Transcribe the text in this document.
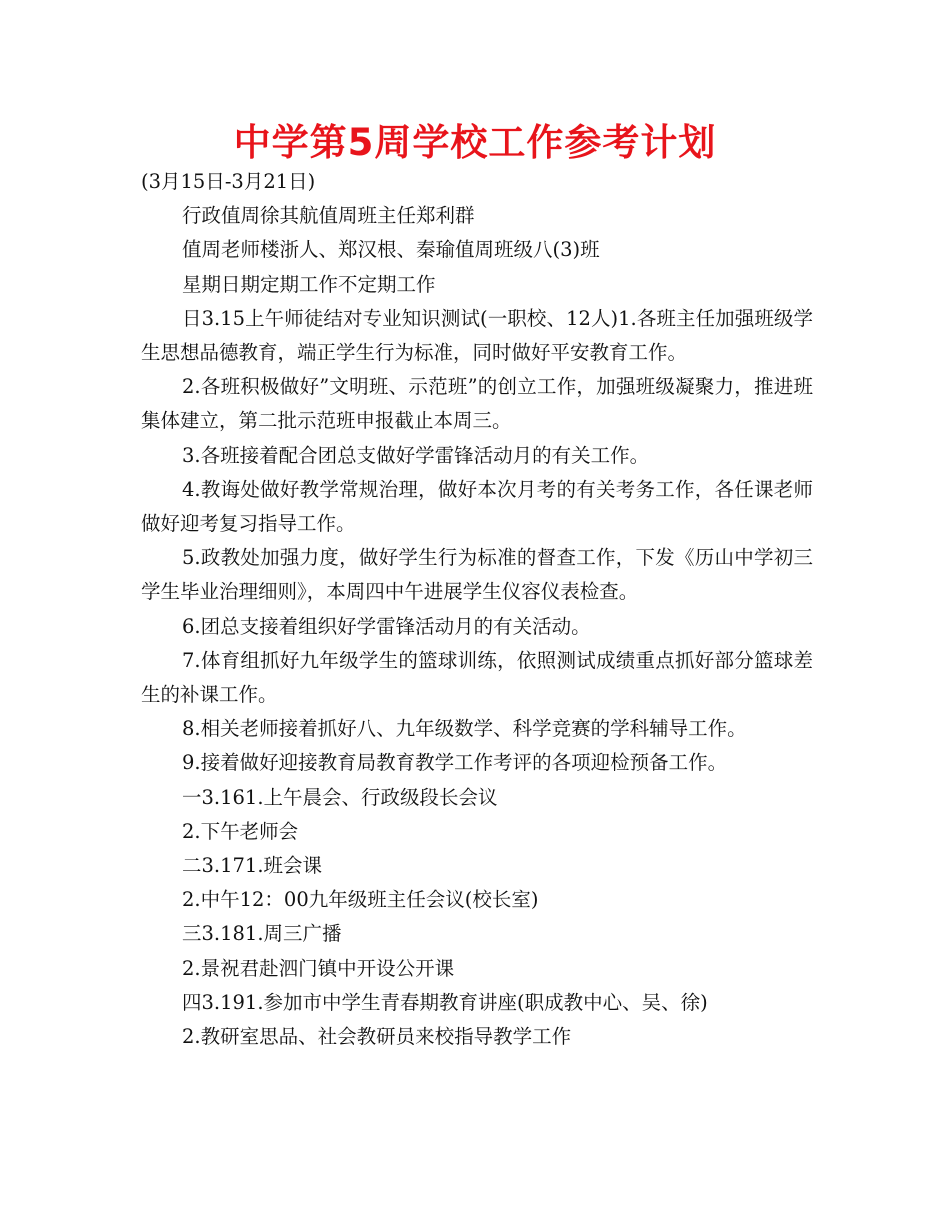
中学第5周学校工作参考计划

(3月15日-3月21日)

行政值周徐其航值周班主任郑利群

值周老师楼浙人、郑汉根、秦瑜值周班级八(3)班

星期日期定期工作不定期工作

日3.15上午师徒结对专业知识测试(一职校、12人)1.各班主任加强班级学生思想品德教育，端正学生行为标准，同时做好平安教育工作。

2.各班积极做好”文明班、示范班”的创立工作，加强班级凝聚力，推进班集体建立，第二批示范班申报截止本周三。

3.各班接着配合团总支做好学雷锋活动月的有关工作。

4.教诲处做好教学常规治理，做好本次月考的有关考务工作，各任课老师做好迎考复习指导工作。

5.政教处加强力度，做好学生行为标准的督查工作，下发《历山中学初三学生毕业治理细则》，本周四中午进展学生仪容仪表检查。

6.团总支接着组织好学雷锋活动月的有关活动。

7.体育组抓好九年级学生的篮球训练，依照测试成绩重点抓好部分篮球差生的补课工作。

8.相关老师接着抓好八、九年级数学、科学竞赛的学科辅导工作。

9.接着做好迎接教育局教育教学工作考评的各项迎检预备工作。

一3.161.上午晨会、行政级段长会议

2.下午老师会

二3.171.班会课

2.中午12：00九年级班主任会议(校长室)

三3.181.周三广播

2.景祝君赴泗门镇中开设公开课

四3.191.参加市中学生青春期教育讲座(职成教中心、吴、徐)

2.教研室思品、社会教研员来校指导教学工作
